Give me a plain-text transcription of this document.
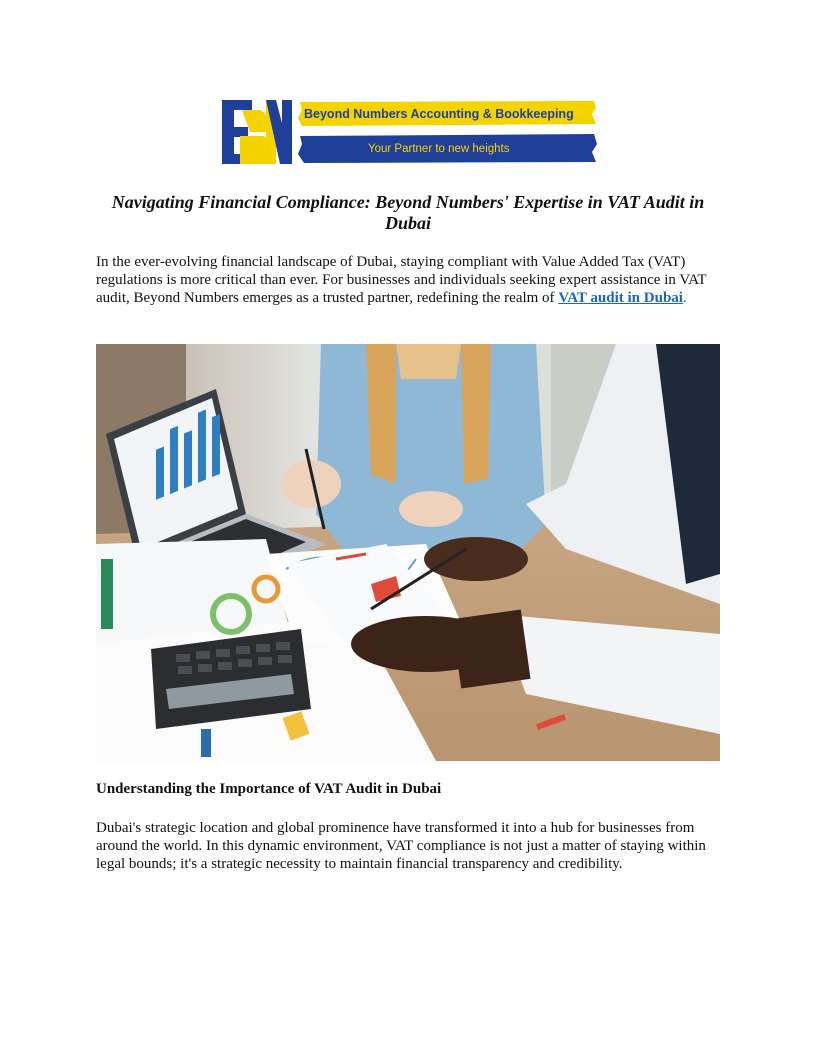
Beyond Numbers Accounting & Bookkeeping
Your Partner to new heights
Navigating Financial Compliance: Beyond Numbers' Expertise in VAT Audit in Dubai

In the ever-evolving financial landscape of Dubai, staying compliant with Value Added Tax (VAT) regulations is more critical than ever. For businesses and individuals seeking expert assistance in VAT audit, Beyond Numbers emerges as a trusted partner, redefining the realm of VAT audit in Dubai.

Understanding the Importance of VAT Audit in Dubai

Dubai's strategic location and global prominence have transformed it into a hub for businesses from around the world. In this dynamic environment, VAT compliance is not just a matter of staying within legal bounds; it's a strategic necessity to maintain financial transparency and credibility.
